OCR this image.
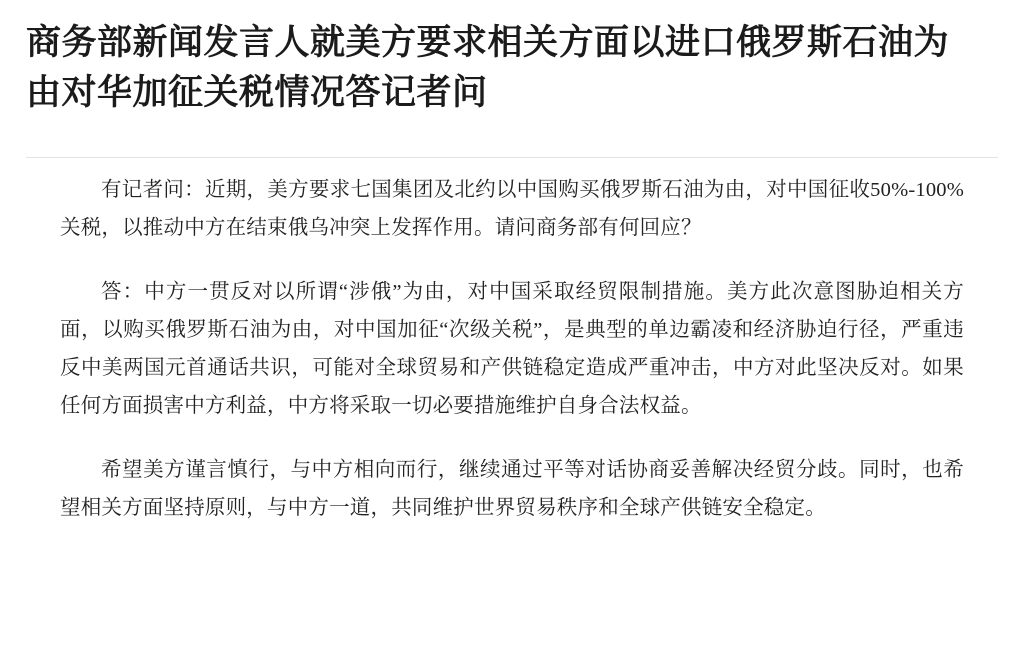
商务部新闻发言人就美方要求相关方面以进口俄罗斯石油为由对华加征关税情况答记者问

有记者问：近期，美方要求七国集团及北约以中国购买俄罗斯石油为由，对中国征收50%-100%关税，以推动中方在结束俄乌冲突上发挥作用。请问商务部有何回应？

答：中方一贯反对以所谓“涉俄”为由，对中国采取经贸限制措施。美方此次意图胁迫相关方面，以购买俄罗斯石油为由，对中国加征“次级关税”，是典型的单边霸凌和经济胁迫行径，严重违反中美两国元首通话共识，可能对全球贸易和产供链稳定造成严重冲击，中方对此坚决反对。如果任何方面损害中方利益，中方将采取一切必要措施维护自身合法权益。

希望美方谨言慎行，与中方相向而行，继续通过平等对话协商妥善解决经贸分歧。同时，也希望相关方面坚持原则，与中方一道，共同维护世界贸易秩序和全球产供链安全稳定。
